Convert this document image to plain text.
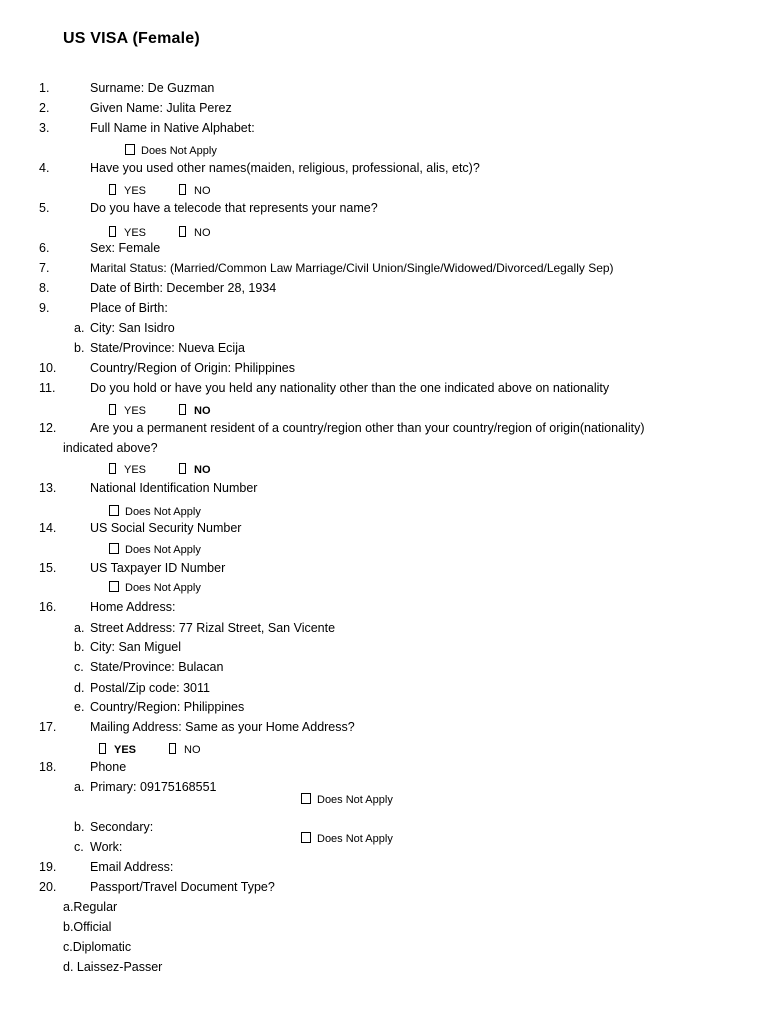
US VISA (Female)
1.	Surname: De Guzman
2.	Given Name: Julita Perez
3.	Full Name in Native Alphabet:
Does Not Apply
4.	Have you used other names(maiden, religious, professional, alis, etc)?
YES	NO
5.	Do you have a telecode that represents your name?
YES	NO
6.	Sex: Female
7.	Marital Status: (Married/Common Law Marriage/Civil Union/Single/Widowed/Divorced/Legally Sep)
8.	Date of Birth: December 28, 1934
9.	Place of Birth:
a. City: San Isidro
b. State/Province: Nueva Ecija
10.	Country/Region of Origin: Philippines
11.	Do you hold or have you held any nationality other than the one indicated above on nationality
YES	NO
12.	Are you a permanent resident of a country/region other than your country/region of origin(nationality)
indicated above?
YES	NO
13.	National Identification Number
Does Not Apply
14.	US Social Security Number
Does Not Apply
15.	US Taxpayer ID Number
Does Not Apply
16.	Home Address:
a. Street Address: 77 Rizal Street, San Vicente
b. City: San Miguel
c. State/Province: Bulacan
d. Postal/Zip code: 3011
e. Country/Region: Philippines
17.	Mailing Address: Same as your Home Address?
YES	NO
18.	Phone
a. Primary: 09175168551
Does Not Apply
b. Secondary:
Does Not Apply
c. Work:
19.	Email Address:
20.	Passport/Travel Document Type?
a.Regular
b.Official
c.Diplomatic
d. Laissez-Passer
